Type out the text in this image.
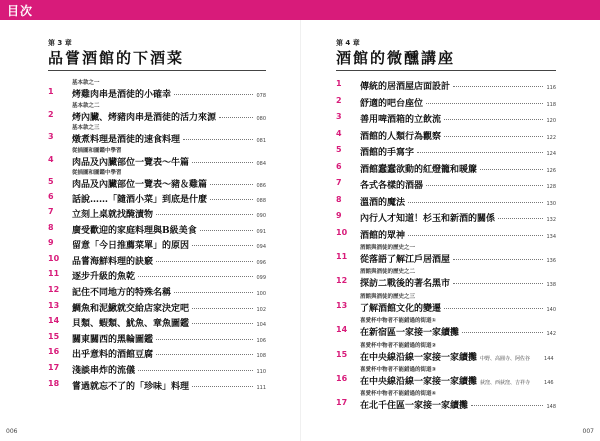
目次
第 3 章
品嘗酒館的下酒菜
1
基本款之一
烤雞肉串是酒徒的小確幸	078
2
基本款之二
烤內臟、烤豬肉串是酒徒的活力來源	080
3
基本款之三
燉煮料理是酒徒的速食料理	081
4
從插圖和圖鑑中學習
肉品及內臟部位一覽表～牛篇	084
5
從插圖和圖鑑中學習
肉品及內臟部位一覽表～豬＆雞篇	086
6	話說……「隨酒小菜」到底是什麼	088
7	立刻上桌就找醃漬物	090
8	廣受歡迎的家庭料理與B級美食	091
9	留意「今日推薦菜單」的原因	094
10	品嘗海鮮料理的訣竅	096
11	逐步升級的魚乾	099
12	記住不同地方的特殊名稱	100
13	鯛魚和泥鰍就交給店家決定吧	102
14	貝類、蝦類、魷魚、章魚圖鑑	104
15	關東關西的黑輪圖鑑	106
16	出乎意料的酒館豆腐	108
17	淺談串炸的流儀	110
18	嘗過就忘不了的「珍味」料理	111
第 4 章
酒館的微醺講座
1	傳統的居酒屋店面設計	116
2	舒適的吧台座位	118
3	善用啤酒箱的立飲流	120
4	酒館的人類行為觀察	122
5	酒館的手寫字	124
6	酒館蠢蠢欲動的紅燈籠和暖簾	126
7	各式各樣的酒器	128
8	溫酒的魔法	130
9	內行人才知道！杉玉和新酒的關係	132
10	酒館的眾神	134
11
酒館與酒徒的歷史之一
從落語了解江戶居酒屋	136
12
酒館與酒徒的歷史之二
探訪二戰後的著名黑市	138
13
酒館與酒徒的歷史之三
了解酒館文化的變遷	140
14
喜愛杯中物者不能錯過的街道①
在新宿區一家接一家續攤	142
15
喜愛杯中物者不能錯過的街道②
在中央線沿線一家接一家續攤 中野、高圓寺、阿佐谷	144
16
喜愛杯中物者不能錯過的街道③
在中央線沿線一家接一家續攤 荻窪、西荻窪、吉祥寺	146
17
喜愛杯中物者不能錯過的街道④
在北千住區一家接一家續攤	148
006	007
